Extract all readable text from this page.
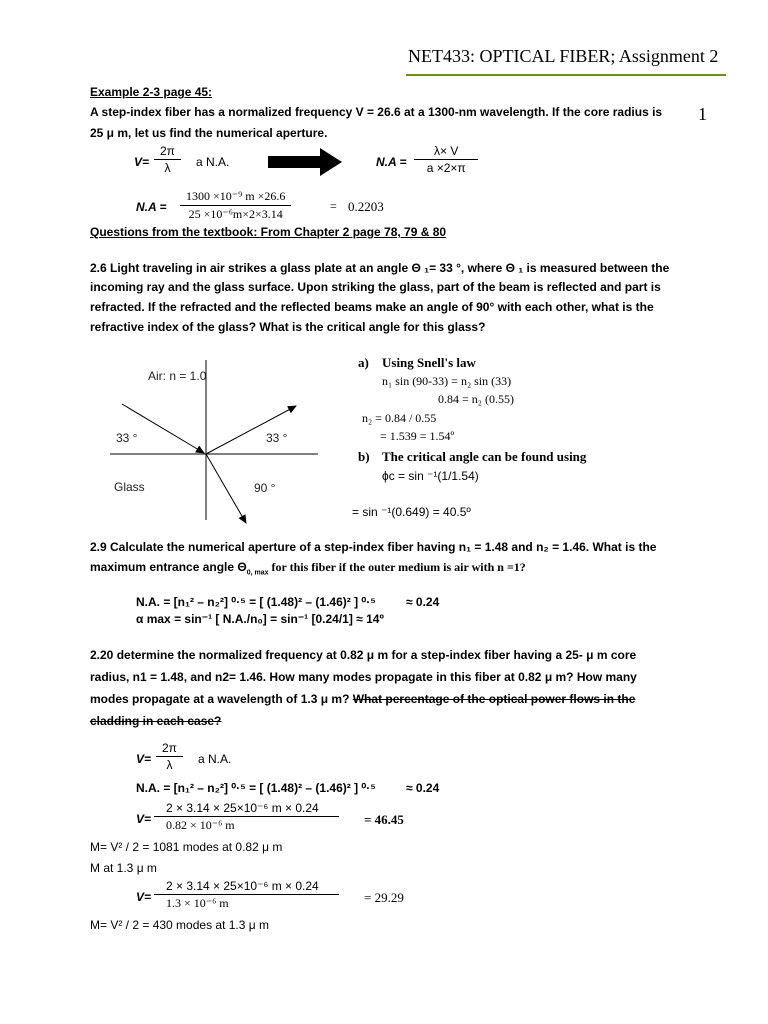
NET433: OPTICAL FIBER; Assignment 2
1
Example 2-3 page 45:
A step-index fiber has a normalized frequency V = 26.6 at a 1300-nm wavelength. If the core radius is
25 μ m, let us find the numerical aperture.
$V= \frac{2\pi}{\lambda}$ a N.A.	$N.A = \frac{\lambda\times V}{a \times 2\times\pi}$
$N.A = \frac{\text{1300 ×10⁻⁹ m ×26.6}}{\text{25 ×10⁻⁶m×2×3.14}}$	= 0.2203
Questions from the textbook: From Chapter 2 page 78, 79 & 80
2.6 Light traveling in air strikes a glass plate at an angle Θ ₁= 33 °, where Θ ₁ is measured between the
incoming ray and the glass surface. Upon striking the glass, part of the beam is reflected and part is
refracted. If the refracted and the reflected beams make an angle of 90° with each other, what is the
refractive index of the glass? What is the critical angle for this glass?
Air: n = 1.0
33 °	33 °
Glass	90 °
a) Using Snell's law
n₁ sin (90-33) = n₂ sin (33)
0.84 = n₂ (0.55)
n₂ = 0.84 / 0.55
= 1.539 = 1.54º
b) The critical angle can be found using
ϕc = sin ⁻¹(1/1.54)
= sin ⁻¹(0.649) = 40.5º
2.9 Calculate the numerical aperture of a step-index fiber having n₁ = 1.48 and n₂ = 1.46. What is the
maximum entrance angle $\Theta_{0, max}$ for this fiber if the outer medium is air with n =1?
N.A. = [n₁² – n₂²] ⁰·⁵ = [ (1.48)² – (1.46)² ] ⁰·⁵	≈ 0.24
α max = sin⁻¹ [ N.A./n₀] = sin⁻¹ [0.24/1] ≈ 14º
2.20 determine the normalized frequency at 0.82 μ m for a step-index fiber having a 25- μ m core
radius, n1 = 1.48, and n2= 1.46. How many modes propagate in this fiber at 0.82 μ m? How many
modes propagate at a wavelength of 1.3 μ m? What percentage of the optical power flows in the
cladding in each case?
$V= \frac{2\pi}{\lambda}$ a N.A.
N.A. = [n₁² – n₂²] ⁰·⁵ = [ (1.48)² – (1.46)² ] ⁰·⁵	≈ 0.24
$V= \frac{\text{2 × 3.14 × 25×10⁻⁶ m × 0.24}}{\text{0.82 × 10⁻⁶ m}} = 46.45$
M= V² / 2 = 1081 modes at 0.82 μ m
M at 1.3 μ m
$V= \frac{\text{2 × 3.14 × 25×10⁻⁶ m × 0.24}}{\text{1.3 × 10⁻⁶ m}} = 29.29$
M= V² / 2 = 430 modes at 1.3 μ m
